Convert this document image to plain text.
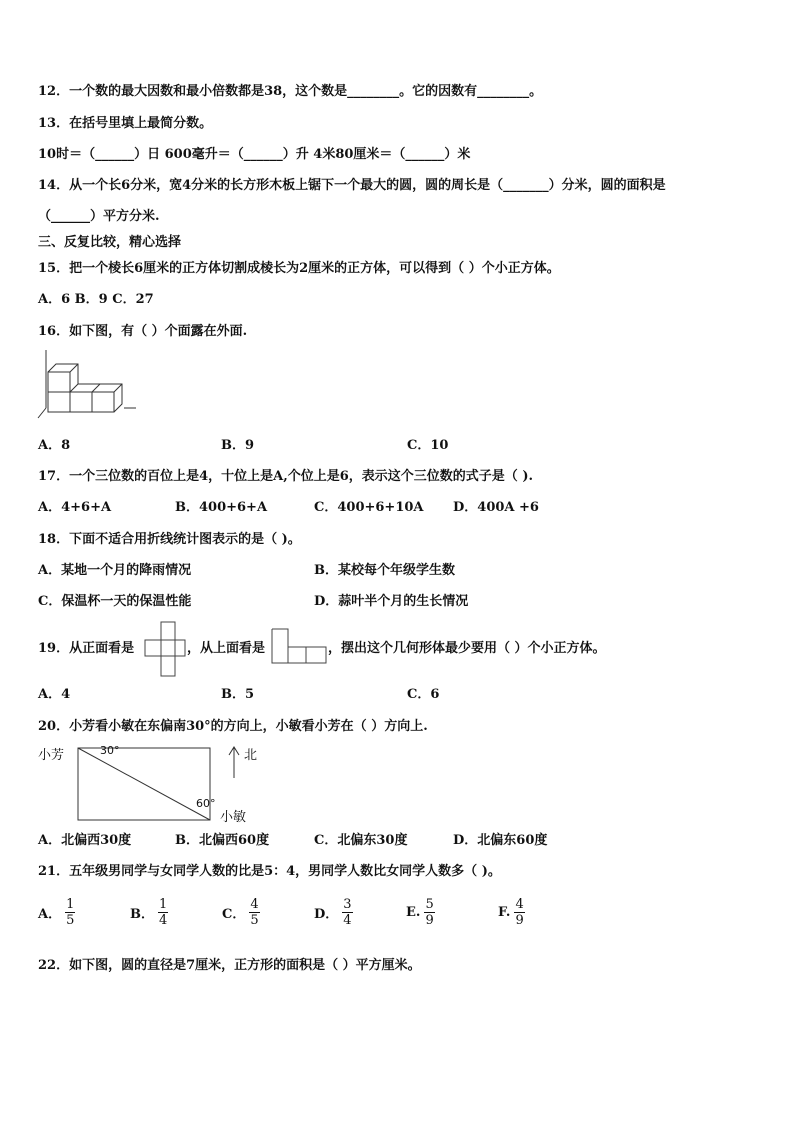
12．一个数的最大因数和最小倍数都是38，这个数是________。它的因数有________。
13．在括号里填上最简分数。
10时＝（______）日 600毫升＝（______）升 4米80厘米＝（______）米
14．从一个长6分米，宽4分米的长方形木板上锯下一个最大的圆，圆的周长是（_______）分米，圆的面积是
（______）平方分米.
三、反复比较，精心选择
15．把一个棱长6厘米的正方体切割成棱长为2厘米的正方体，可以得到（ ）个小正方体。
A．6 B．9 C．27
16．如下图，有（ ）个面露在外面.
A．8	B．9	C．10
17．一个三位数的百位上是4，十位上是A,个位上是6，表示这个三位数的式子是（ ).
A．4+6+A	B．400+6+A	C．400+6+10A D．400A +6
18．下面不适合用折线统计图表示的是（ )。
A．某地一个月的降雨情况	B．某校每个年级学生数
C．保温杯一天的保温性能	D．蒜叶半个月的生长情况
19．从正面看是	，从上面看是	，摆出这个几何形体最少要用（ ）个小正方体。
A．4	B．5	C．6
20．小芳看小敏在东偏南30°的方向上，小敏看小芳在（ ）方向上.
小芳	30°
60°
小敏
北
A．北偏西30度	B．北偏西60度	C．北偏东30度	D．北偏东60度
21．五年级男同学与女同学人数的比是5：4，男同学人数比女同学人数多（ )。
A． $\frac{1}{5}$	B． $\frac{1}{4}$	C． $\frac{4}{5}$	D． $\frac{3}{4}$	E. $\frac{5}{9}$	F. $\frac{4}{9}$
22．如下图，圆的直径是7厘米，正方形的面积是（ ）平方厘米。
